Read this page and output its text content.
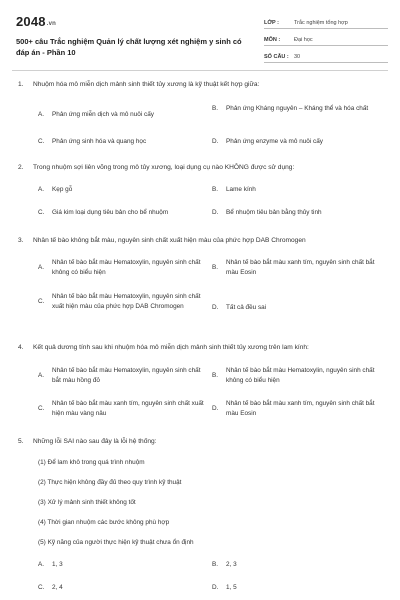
2048.vn
500+ câu Trắc nghiệm Quản lý chất lượng xét nghiệm y sinh có đáp án - Phần 10
LỚP :	Trắc nghiệm tổng hợp
MÔN :	Đại học
SỐ CÂU : 30
1.	Nhuộm hóa mô miễn dịch mảnh sinh thiết tủy xương là kỹ thuật kết hợp giữa:
A.	Phản ứng miễn dịch và mô nuôi cấy
B.	Phản ứng Kháng nguyên – Kháng thể và hóa chất
C.	Phản ứng sinh hóa và quang học	D.	Phản ứng enzyme và mô nuôi cấy
2.	Trong nhuộm sợi liên võng trong mô tủy xương, loại dụng cụ nào KHÔNG được sử dụng:
A.	Kẹp gỗ	B.	Lame kính
C.	Giá kim loại dụng tiêu bản cho bể nhuộm	D.	Bể nhuộm tiêu bản bằng thủy tinh
3.	Nhân tế bào không bắt màu, nguyên sinh chất xuất hiện màu của phức hợp DAB Chromogen
A.
Nhân tế bào bắt màu Hematoxylin, nguyên sinh chất không có biểu hiện
B.
Nhân tế bào bắt màu xanh tím, nguyên sinh chất bắt màu Eosin
C.
Nhân tế bào bắt màu Hematoxylin, nguyên sinh chất xuất hiện màu của phức hợp DAB Chromogen	D.	Tất cả đều sai
4.	Kết quả dương tính sau khi nhuộm hóa mô miễn dịch mảnh sinh thiết tủy xương trên lam kính:
A.
Nhân tế bào bắt màu Hematoxylin, nguyên sinh chất bắt màu hồng đỏ
B.
Nhân tế bào bắt màu Hematoxylin, nguyên sinh chất không có biểu hiện
C.
Nhân tế bào bắt màu xanh tím, nguyên sinh chất xuất hiện màu vàng nâu
D.
Nhân tế bào bắt màu xanh tím, nguyên sinh chất bắt màu Eosin
5.	Những lỗi SAI nào sau đây là lỗi hệ thống:
(1) Để lam khô trong quá trình nhuộm
(2) Thực hiện không đầy đủ theo quy trình kỹ thuật
(3) Xử lý mảnh sinh thiết không tốt
(4) Thời gian nhuộm các bước không phù hợp
(5) Kỹ năng của người thực hiện kỹ thuật chưa ổn định
A.	1, 3	B.	2, 3
C.	2, 4	D.	1, 5
